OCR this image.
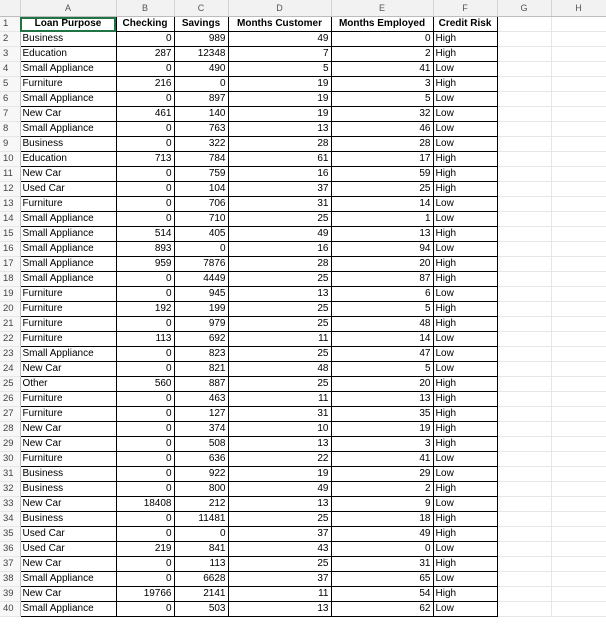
	A	B	C	D	E	F	G	H
1	Loan Purpose	Checking	Savings	Months Customer	Months Employed	Credit Risk		
2	Business	0	989	49	0	High		
3	Education	287	12348	7	2	High		
4	Small Appliance	0	490	5	41	Low		
5	Furniture	216	0	19	3	High		
6	Small Appliance	0	897	19	5	Low		
7	New Car	461	140	19	32	Low		
8	Small Appliance	0	763	13	46	Low		
9	Business	0	322	28	28	Low		
10	Education	713	784	61	17	High		
11	New Car	0	759	16	59	High		
12	Used Car	0	104	37	25	High		
13	Furniture	0	706	31	14	Low		
14	Small Appliance	0	710	25	1	Low		
15	Small Appliance	514	405	49	13	High		
16	Small Appliance	893	0	16	94	Low		
17	Small Appliance	959	7876	28	20	High		
18	Small Appliance	0	4449	25	87	High		
19	Furniture	0	945	13	6	Low		
20	Furniture	192	199	25	5	High		
21	Furniture	0	979	25	48	High		
22	Furniture	113	692	11	14	Low		
23	Small Appliance	0	823	25	47	Low		
24	New Car	0	821	48	5	Low		
25	Other	560	887	25	20	High		
26	Furniture	0	463	11	13	High		
27	Furniture	0	127	31	35	High		
28	New Car	0	374	10	19	High		
29	New Car	0	508	13	3	High		
30	Furniture	0	636	22	41	Low		
31	Business	0	922	19	29	Low		
32	Business	0	800	49	2	High		
33	New Car	18408	212	13	9	Low		
34	Business	0	11481	25	18	High		
35	Used Car	0	0	37	49	High		
36	Used Car	219	841	43	0	Low		
37	New Car	0	113	25	31	High		
38	Small Appliance	0	6628	37	65	Low		
39	New Car	19766	2141	11	54	High		
40	Small Appliance	0	503	13	62	Low		
